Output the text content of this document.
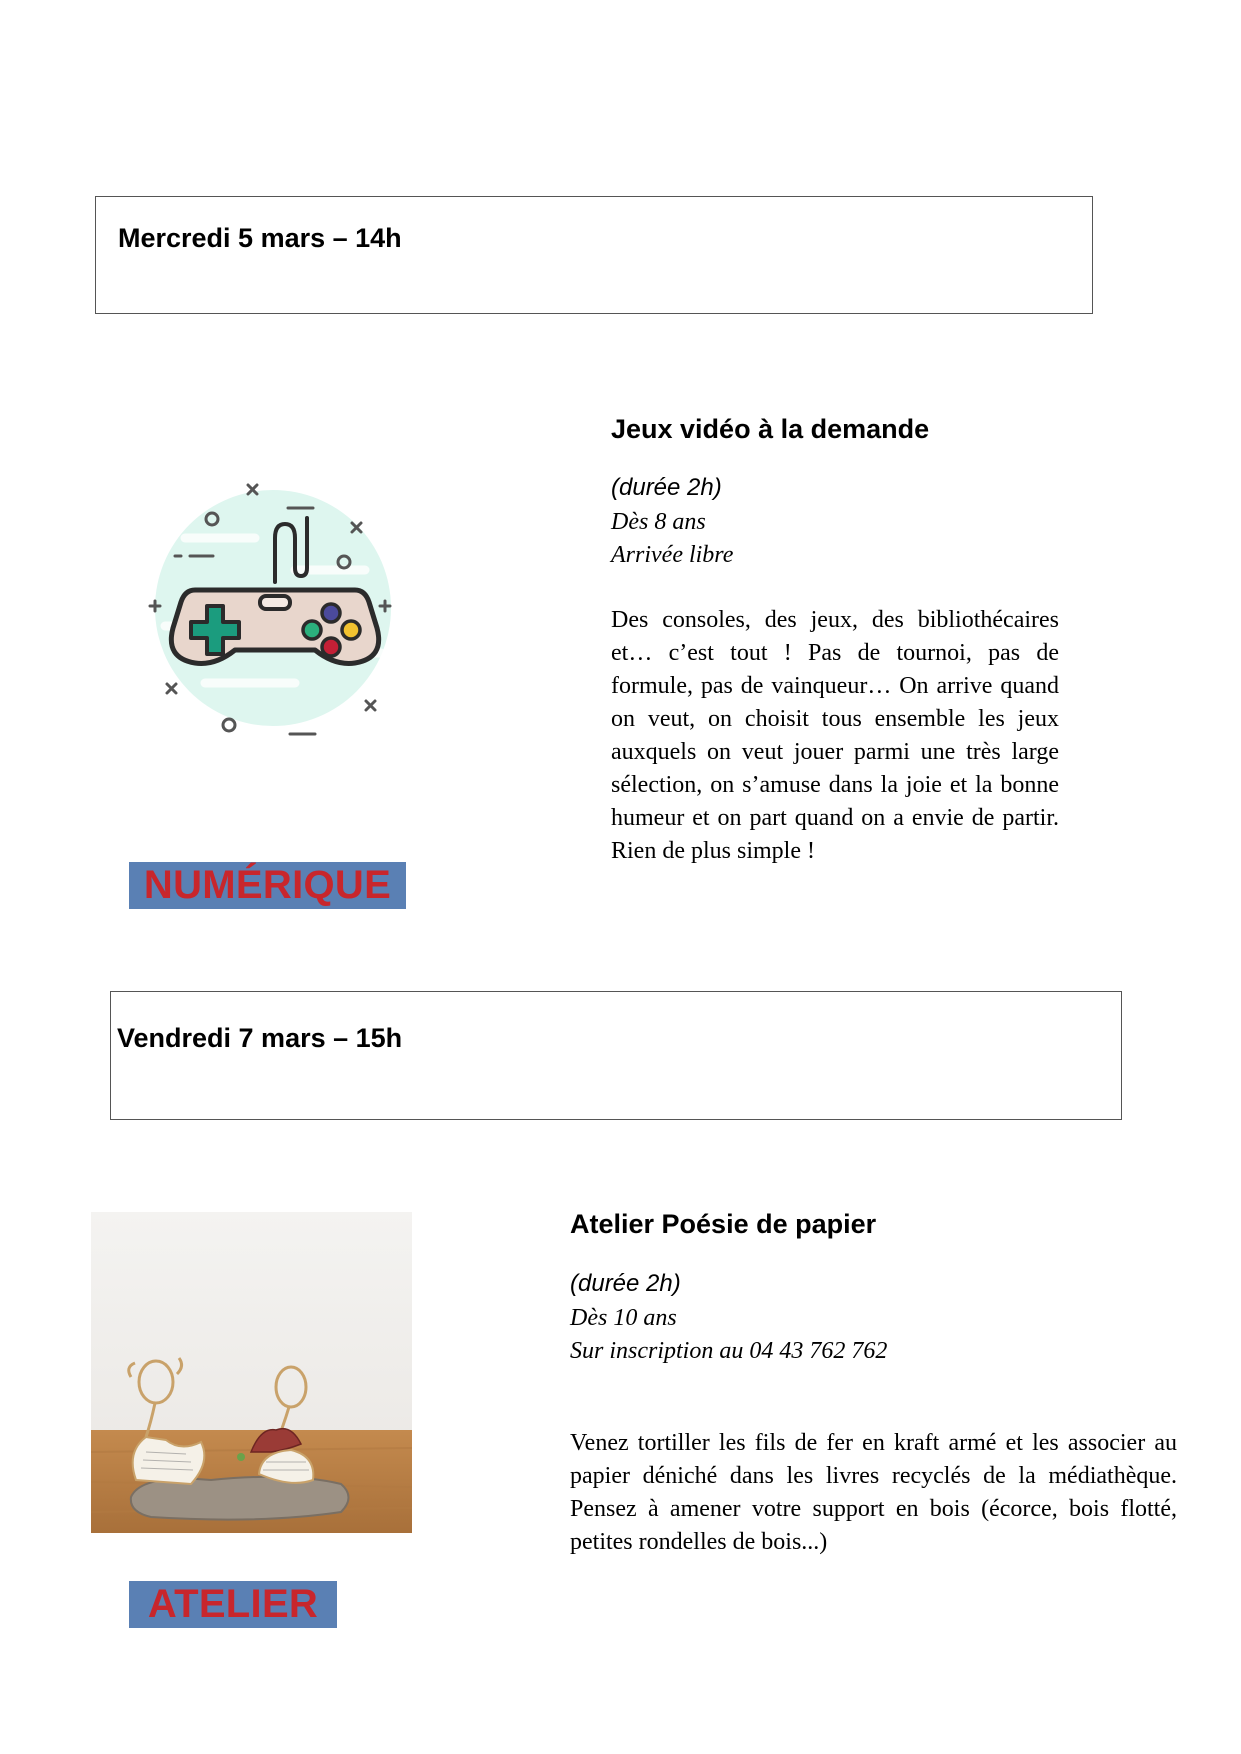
Mercredi 5 mars – 14h
Jeux vidéo à la demande
(durée 2h)
Dès 8 ans
Arrivée libre

Des consoles, des jeux, des bibliothécaires et… c’est tout ! Pas de tournoi, pas de formule, pas de vainqueur… On arrive quand on veut, on choisit tous ensemble les jeux auxquels on veut jouer parmi une très large sélection, on s’amuse dans la joie et la bonne humeur et on part quand on a envie de partir. Rien de plus simple !

NUMÉRIQUE
Vendredi 7 mars – 15h
Atelier Poésie de papier
(durée 2h)
Dès 10 ans
Sur inscription au 04 43 762 762

Venez tortiller les fils de fer en kraft armé et les associer au papier déniché dans les livres recyclés de la médiathèque. Pensez à amener votre support en bois (écorce, bois flotté, petites rondelles de bois...)

ATELIER
